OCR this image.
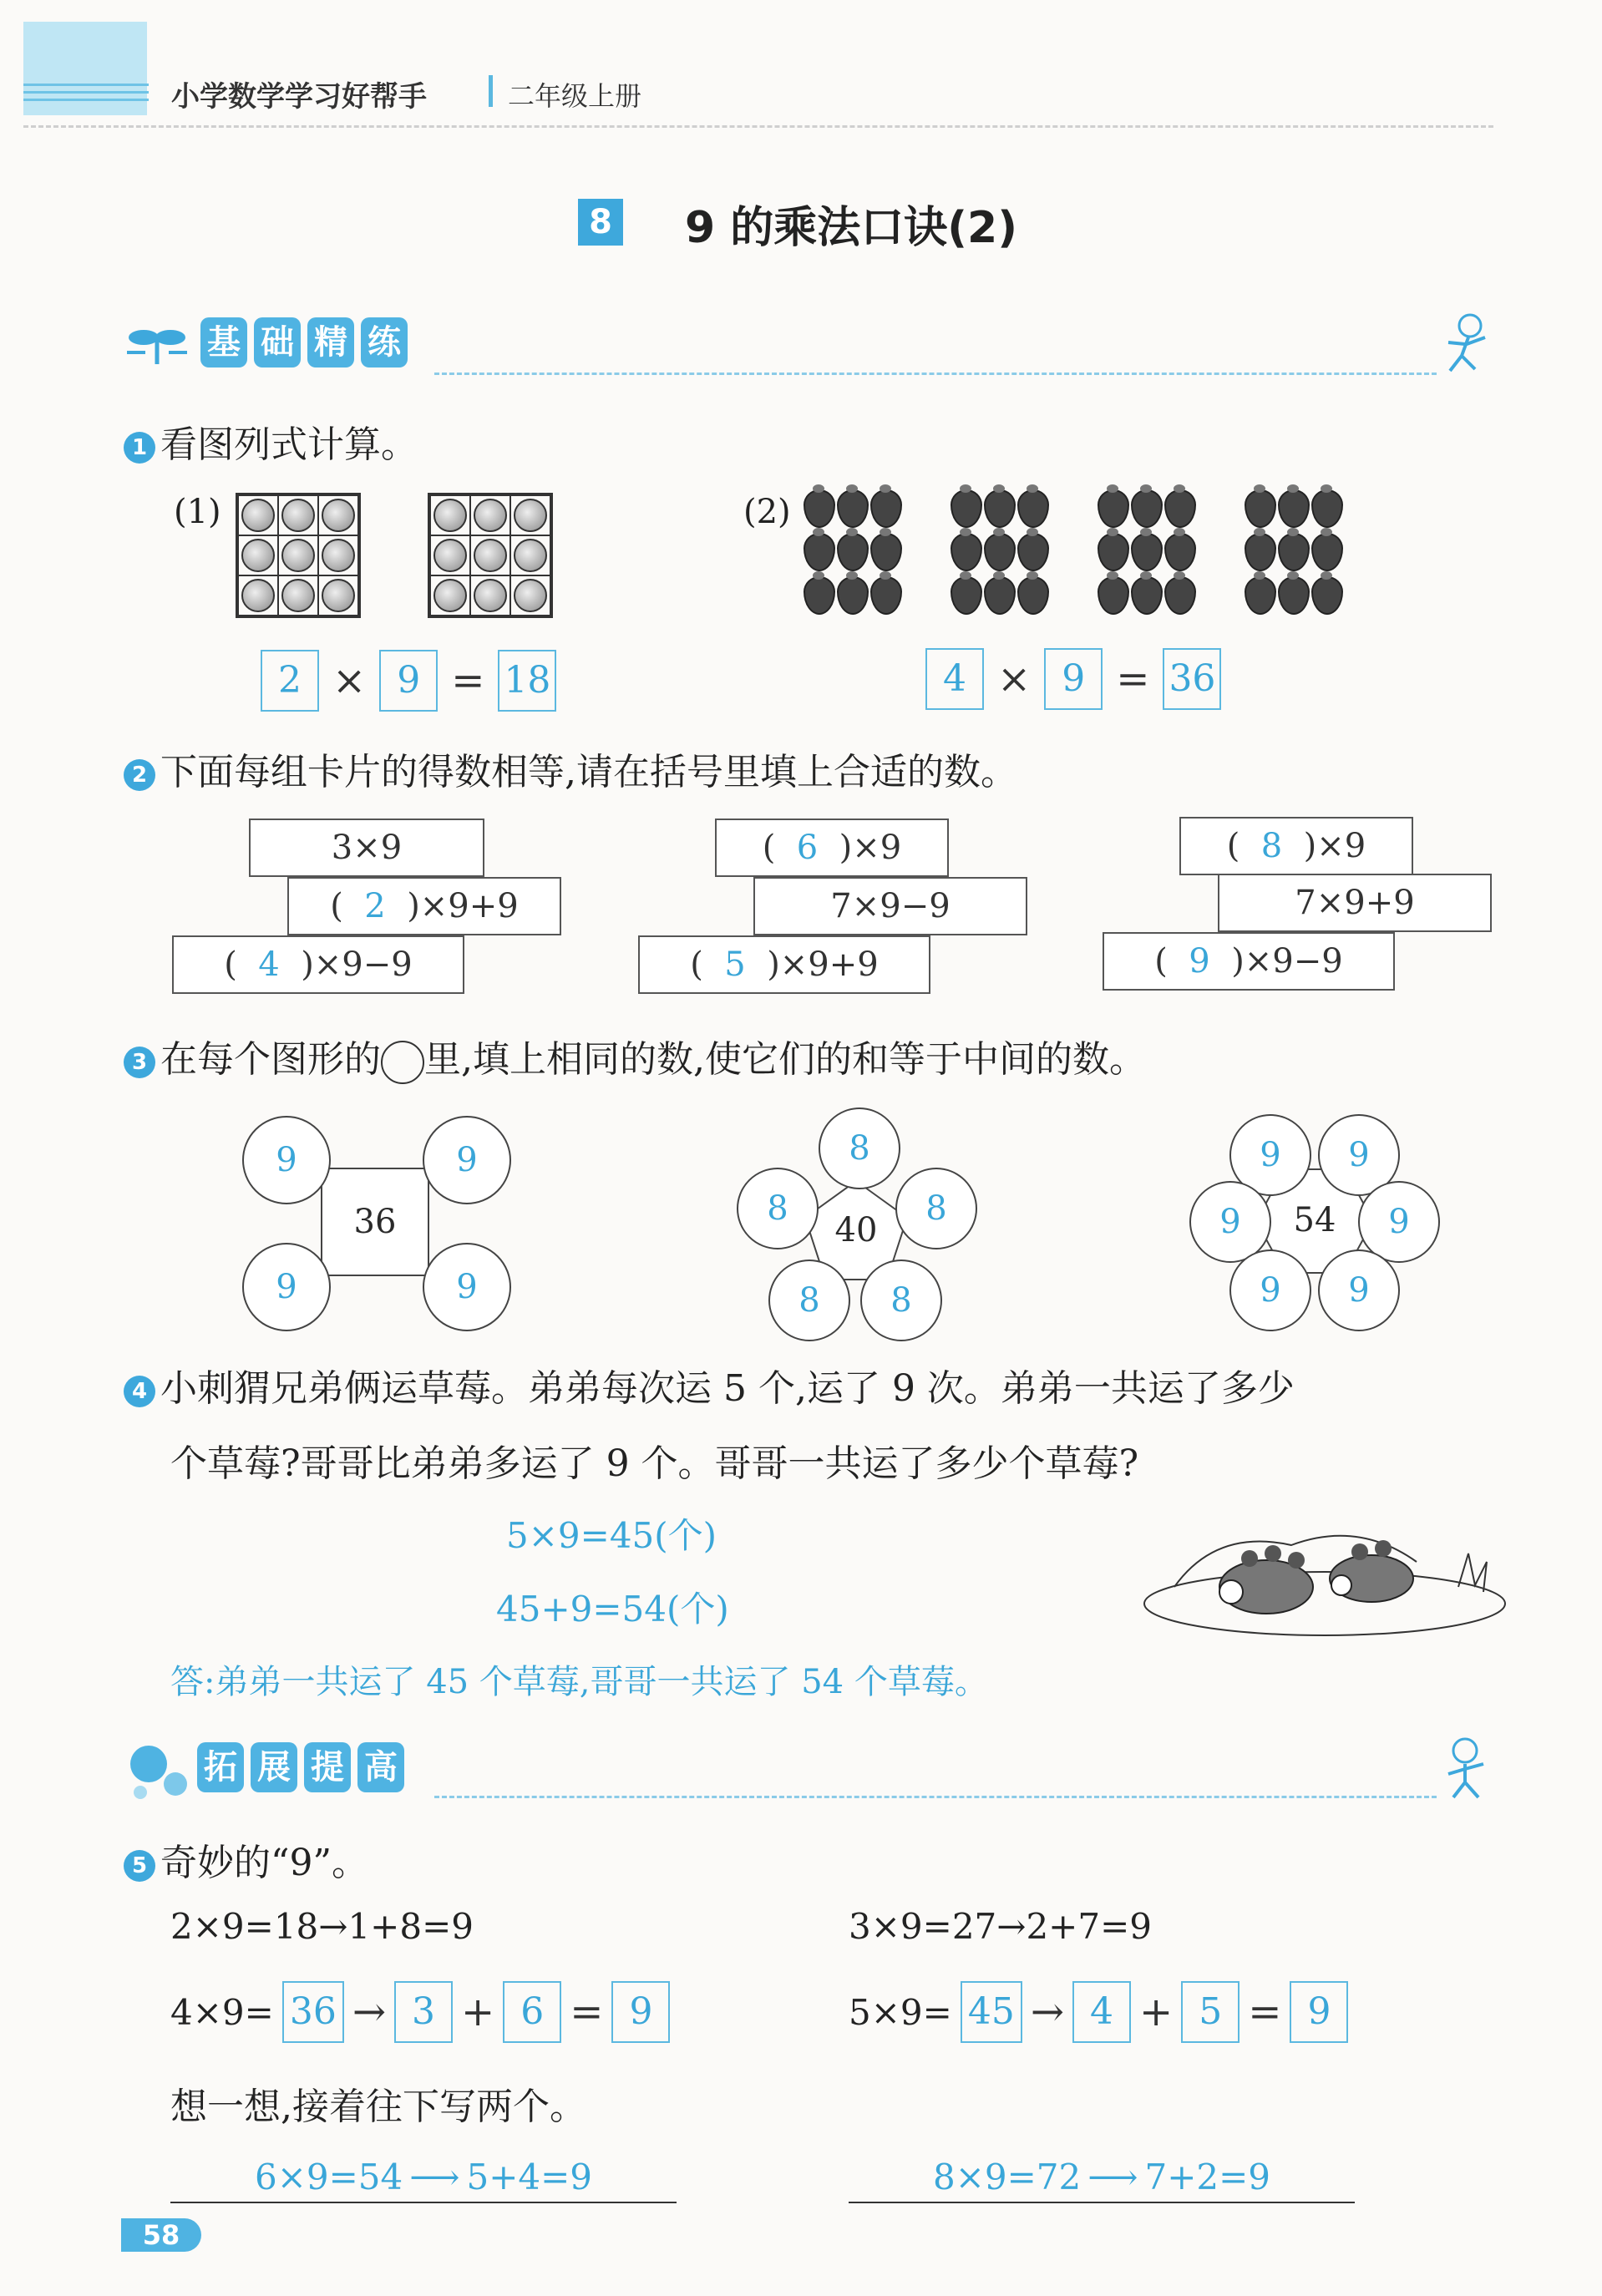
小学数学学习好帮手	二年级上册
8 9 的乘法口诀(2)
基 础 精 练
1 看图列式计算。
(1)
2 × 9 = 18
(2)
4 × 9 = 36
2 下面每组卡片的得数相等,请在括号里填上合适的数。
3×9
( 2 )×9+9
( 4 )×9−9
( 6 )×9
7×9−9
( 5 )×9+9
( 8 )×9
7×9+9
( 9 )×9−9
3 在每个图形的 里,填上相同的数,使它们的和等于中间的数。
36
9	9
9	9
40
8
8	8
8	8
54
9	9
9	9
9	9
4 小刺猬兄弟俩运草莓。弟弟每次运 5 个,运了 9 次。弟弟一共运了多少
个草莓?哥哥比弟弟多运了 9 个。哥哥一共运了多少个草莓?
5×9=45(个)
45+9=54(个)
答:弟弟一共运了 45 个草莓,哥哥一共运了 54 个草莓。
拓 展 提 高
5 奇妙的“9”。
2×9=18→1+8=9	3×9=27→2+7=9
4×9= 36 → 3 + 6 = 9	5×9= 45 → 4 + 5 = 9
想一想,接着往下写两个。
6×9=54 ⟶ 5+4=9	8×9=72 ⟶ 7+2=9
58
